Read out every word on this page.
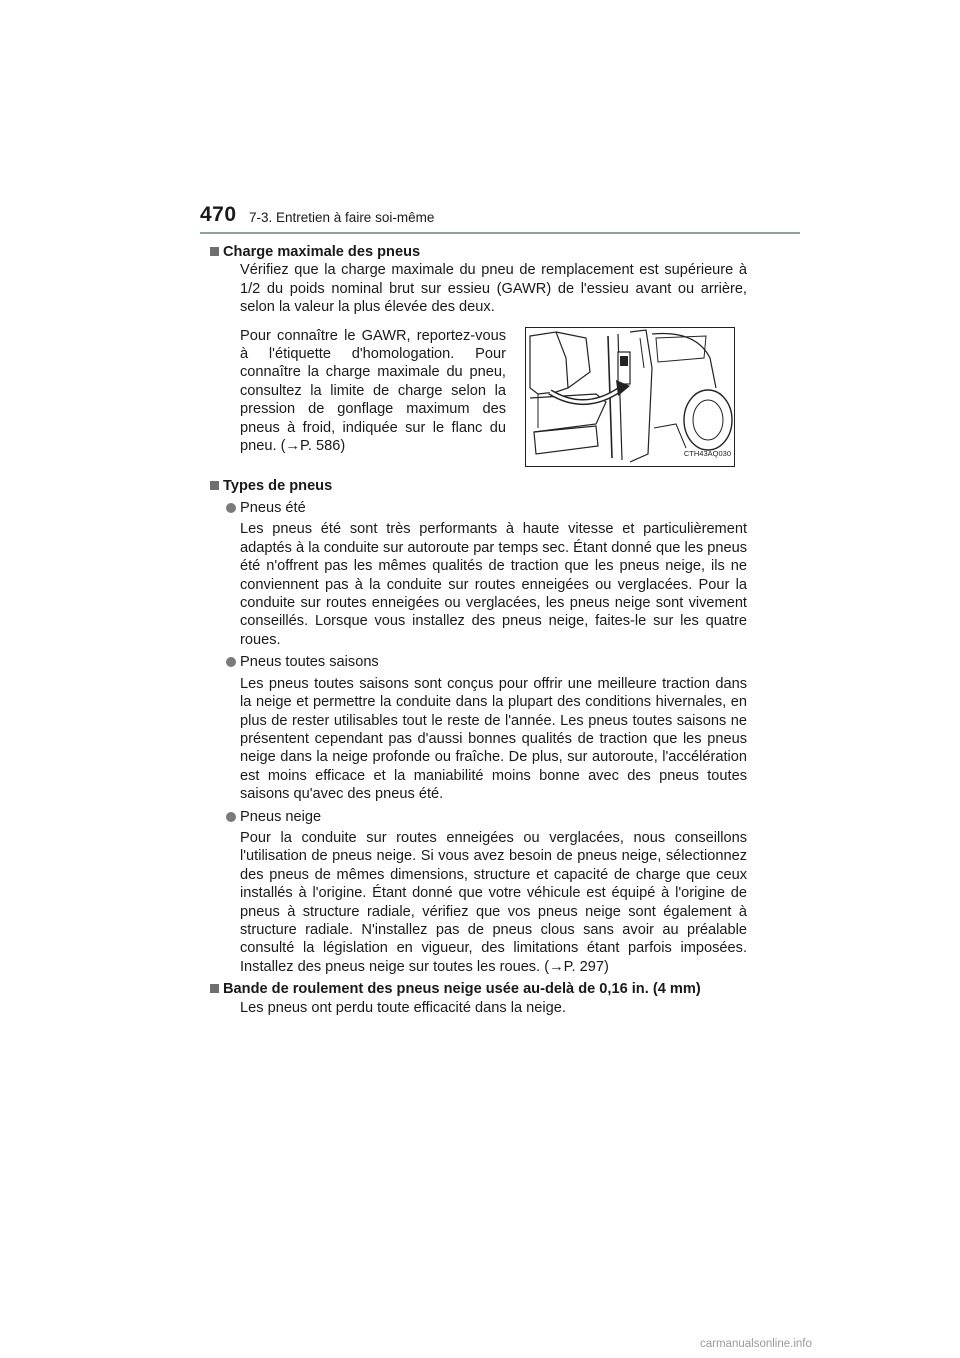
470 7-3. Entretien à faire soi-même

Charge maximale des pneus

Vérifiez que la charge maximale du pneu de remplacement est supérieure à 1/2 du poids nominal brut sur essieu (GAWR) de l'essieu avant ou arrière, selon la valeur la plus élevée des deux.

Pour connaître le GAWR, reportez-vous à l'étiquette d'homologation. Pour connaître la charge maximale du pneu, consultez la limite de charge selon la pression de gonflage maximum des pneus à froid, indiquée sur le flanc du pneu. (→P. 586)	CTH43AQ030

Types de pneus

Pneus été

Les pneus été sont très performants à haute vitesse et particulièrement adaptés à la conduite sur autoroute par temps sec. Étant donné que les pneus été n'offrent pas les mêmes qualités de traction que les pneus neige, ils ne conviennent pas à la conduite sur routes enneigées ou verglacées. Pour la conduite sur routes enneigées ou verglacées, les pneus neige sont vivement conseillés. Lorsque vous installez des pneus neige, faites-le sur les quatre roues.

Pneus toutes saisons

Les pneus toutes saisons sont conçus pour offrir une meilleure traction dans la neige et permettre la conduite dans la plupart des conditions hivernales, en plus de rester utilisables tout le reste de l'année. Les pneus toutes saisons ne présentent cependant pas d'aussi bonnes qualités de traction que les pneus neige dans la neige profonde ou fraîche. De plus, sur autoroute, l'accélération est moins efficace et la maniabilité moins bonne avec des pneus toutes saisons qu'avec des pneus été.

Pneus neige

Pour la conduite sur routes enneigées ou verglacées, nous conseillons l'utilisation de pneus neige. Si vous avez besoin de pneus neige, sélectionnez des pneus de mêmes dimensions, structure et capacité de charge que ceux installés à l'origine. Étant donné que votre véhicule est équipé à l'origine de pneus à structure radiale, vérifiez que vos pneus neige sont également à structure radiale. N'installez pas de pneus clous sans avoir au préalable consulté la législation en vigueur, des limitations étant parfois imposées. Installez des pneus neige sur toutes les roues. (→P. 297)

Bande de roulement des pneus neige usée au-delà de 0,16 in. (4 mm)

Les pneus ont perdu toute efficacité dans la neige.

carmanualsonline.info
